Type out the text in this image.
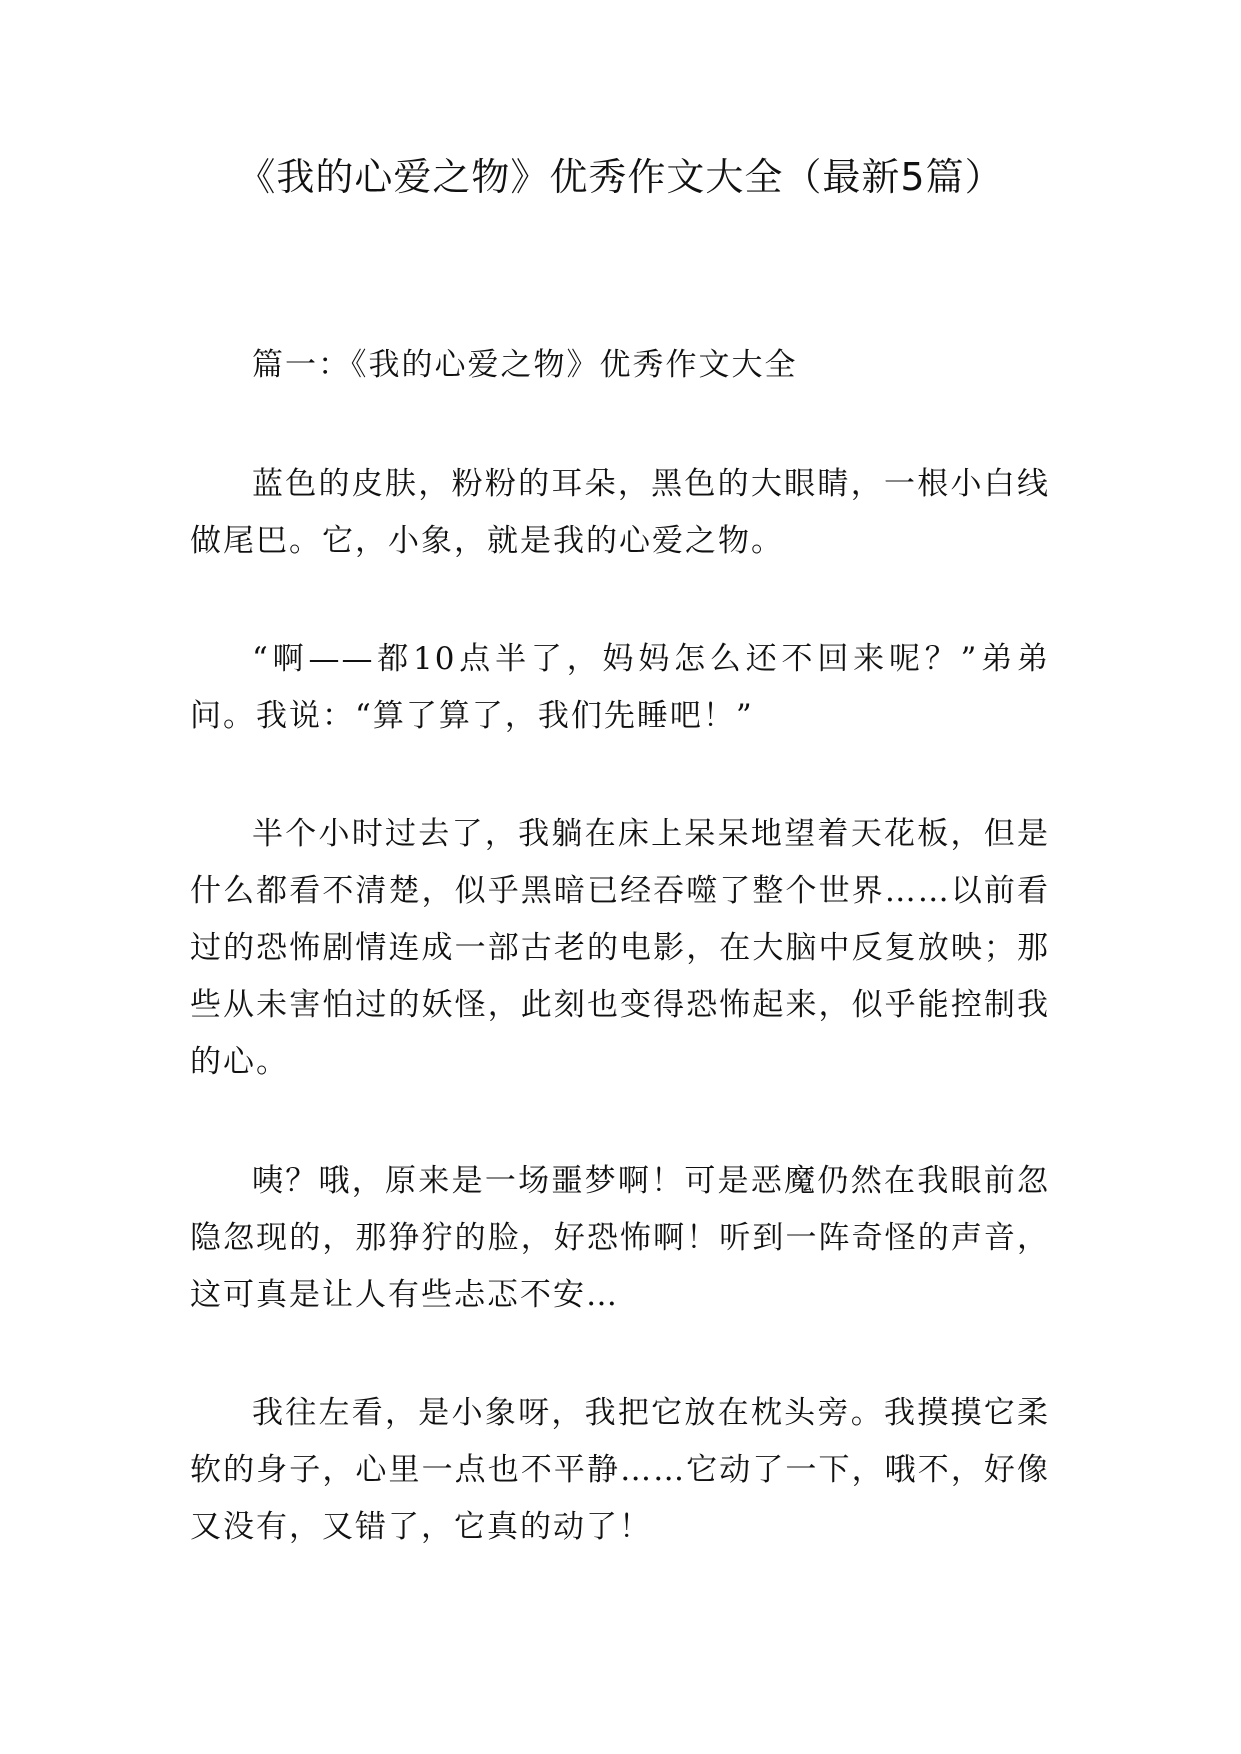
《我的心爱之物》优秀作文大全（最新5篇）

篇一：《我的心爱之物》优秀作文大全

蓝色的皮肤，粉粉的耳朵，黑色的大眼睛，一根小白线做尾巴。它，小象，就是我的心爱之物。

“啊——都10点半了，妈妈怎么还不回来呢？”弟弟问。我说：“算了算了，我们先睡吧！”

半个小时过去了，我躺在床上呆呆地望着天花板，但是什么都看不清楚，似乎黑暗已经吞噬了整个世界……以前看过的恐怖剧情连成一部古老的电影，在大脑中反复放映；那些从未害怕过的妖怪，此刻也变得恐怖起来，似乎能控制我的心。

咦？哦，原来是一场噩梦啊！可是恶魔仍然在我眼前忽隐忽现的，那狰狞的脸，好恐怖啊！听到一阵奇怪的声音，这可真是让人有些忐忑不安…

我往左看，是小象呀，我把它放在枕头旁。我摸摸它柔软的身子，心里一点也不平静……它动了一下，哦不，好像又没有，又错了，它真的动了！
